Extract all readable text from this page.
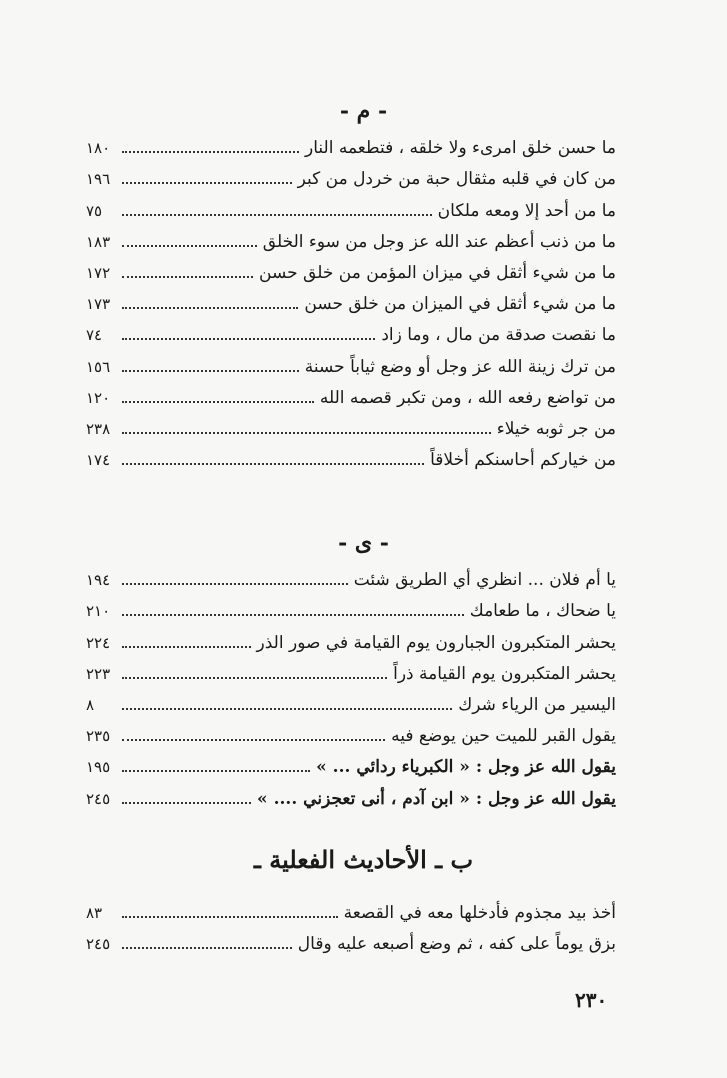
- م -
ما حسن خلق امرىء ولا خلقه ، فتطعمه النار
١٨٠
من كان في قلبه مثقال حبة من خردل من كبر
١٩٦
ما من أحد إلا ومعه ملكان
٧٥
ما من ذنب أعظم عند الله عز وجل من سوء الخلق
١٨٣
ما من شيء أثقل في ميزان المؤمن من خلق حسن
١٧٢
ما من شيء أثقل في الميزان من خلق حسن
١٧٣
ما نقصت صدقة من مال ، وما زاد
٧٤
من ترك زينة الله عز وجل أو وضع ثياباً حسنة
١٥٦
من تواضع رفعه الله ، ومن تكبر قصمه الله
١٢٠
من جر ثوبه خيلاء
٢٣٨
من خياركم أحاسنكم أخلاقاً
١٧٤
- ى -
يا أم فلان ... انظري أي الطريق شئت
١٩٤
يا ضحاك ، ما طعامك
٢١٠
يحشر المتكبرون الجبارون يوم القيامة في صور الذر
٢٢٤
يحشر المتكبرون يوم القيامة ذراً
٢٢٣
اليسير من الرياء شرك
٨
يقول القبر للميت حين يوضع فيه
٢٣٥
يقول الله عز وجل : « الكبرياء ردائي ... »
١٩٥
يقول الله عز وجل : « ابن آدم ، أنى تعجزني .... »
٢٤٥
ب ـ الأحاديث الفعلية ـ
أخذ بيد مجذوم فأدخلها معه في القصعة
٨٣
بزق يوماً على كفه ، ثم وضع أصبعه عليه وقال
٢٤٥
٢٣٠
